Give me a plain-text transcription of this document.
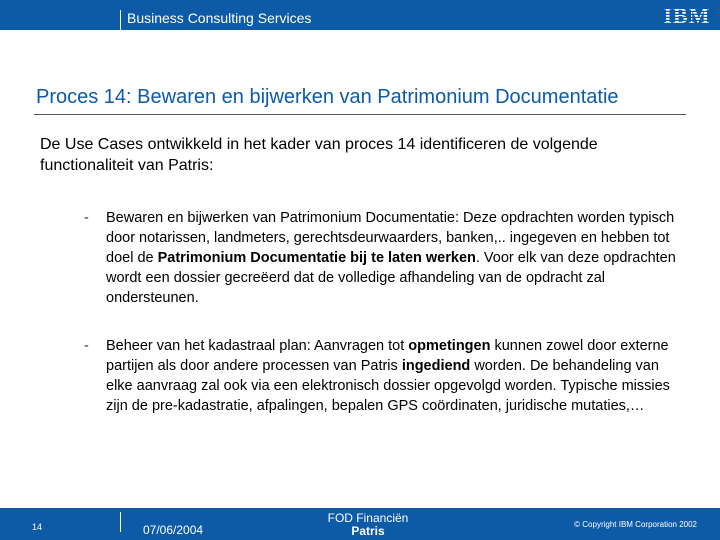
Business Consulting Services	IBM
Proces 14: Bewaren en bijwerken van Patrimonium Documentatie
De Use Cases ontwikkeld in het kader van proces 14 identificeren de volgende functionaliteit van Patris:
- Bewaren en bijwerken van Patrimonium Documentatie: Deze opdrachten worden typisch door notarissen, landmeters, gerechtsdeurwaarders, banken,.. ingegeven en hebben tot doel de Patrimonium Documentatie bij te laten werken. Voor elk van deze opdrachten wordt een dossier gecreëerd dat de volledige afhandeling van de opdracht zal ondersteunen.
- Beheer van het kadastraal plan: Aanvragen tot opmetingen kunnen zowel door externe partijen als door andere processen van Patris ingediend worden. De behandeling van elke aanvraag zal ook via een elektronisch dossier opgevolgd worden. Typische missies zijn de pre-kadastratie, afpalingen, bepalen GPS coördinaten, juridische mutaties,…
14	07/06/2004
FOD Financiën
Patris	© Copyright IBM Corporation 2002
